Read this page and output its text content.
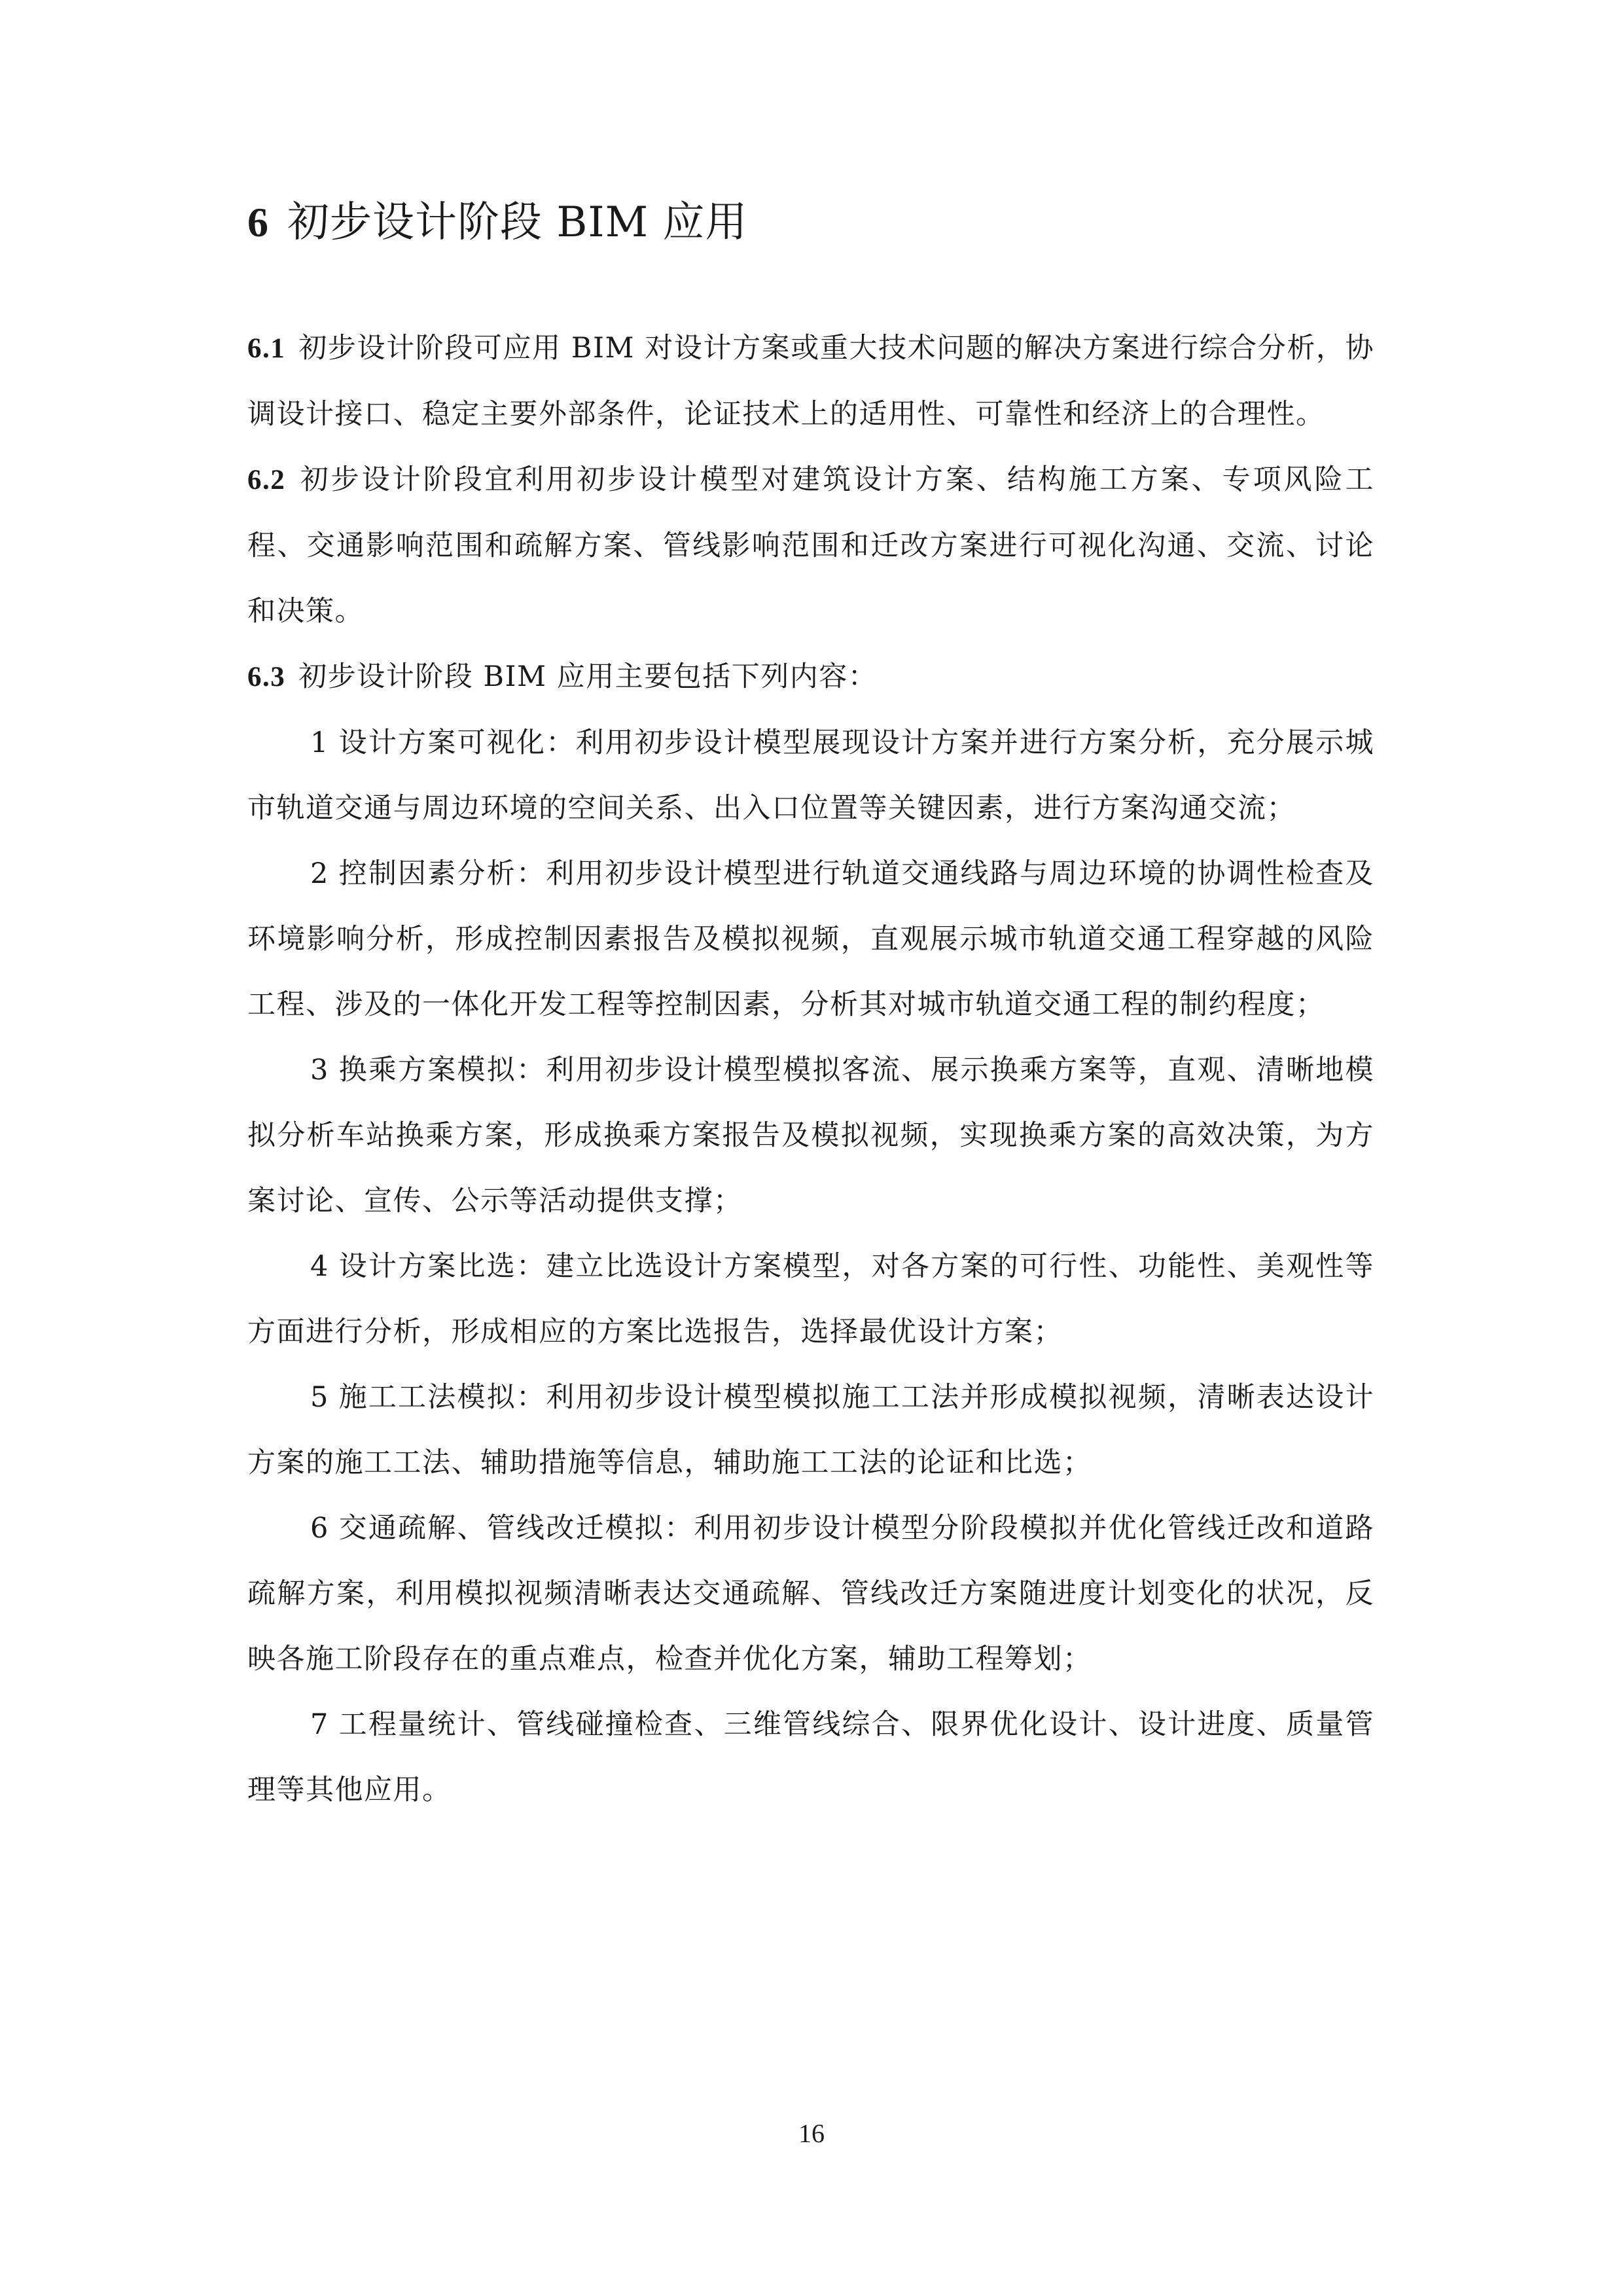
6 初步设计阶段 BIM 应用

6.1 初步设计阶段可应用 BIM 对设计方案或重大技术问题的解决方案进行综合分析，协调设计接口、稳定主要外部条件，论证技术上的适用性、可靠性和经济上的合理性。

6.2 初步设计阶段宜利用初步设计模型对建筑设计方案、结构施工方案、专项风险工程、交通影响范围和疏解方案、管线影响范围和迁改方案进行可视化沟通、交流、讨论和决策。

6.3 初步设计阶段 BIM 应用主要包括下列内容：

1 设计方案可视化：利用初步设计模型展现设计方案并进行方案分析，充分展示城市轨道交通与周边环境的空间关系、出入口位置等关键因素，进行方案沟通交流；

2 控制因素分析：利用初步设计模型进行轨道交通线路与周边环境的协调性检查及环境影响分析，形成控制因素报告及模拟视频，直观展示城市轨道交通工程穿越的风险工程、涉及的一体化开发工程等控制因素，分析其对城市轨道交通工程的制约程度；

3 换乘方案模拟：利用初步设计模型模拟客流、展示换乘方案等，直观、清晰地模拟分析车站换乘方案，形成换乘方案报告及模拟视频，实现换乘方案的高效决策，为方案讨论、宣传、公示等活动提供支撑；

4 设计方案比选：建立比选设计方案模型，对各方案的可行性、功能性、美观性等方面进行分析，形成相应的方案比选报告，选择最优设计方案；

5 施工工法模拟：利用初步设计模型模拟施工工法并形成模拟视频，清晰表达设计方案的施工工法、辅助措施等信息，辅助施工工法的论证和比选；

6 交通疏解、管线改迁模拟：利用初步设计模型分阶段模拟并优化管线迁改和道路疏解方案，利用模拟视频清晰表达交通疏解、管线改迁方案随进度计划变化的状况，反映各施工阶段存在的重点难点，检查并优化方案，辅助工程筹划；

7 工程量统计、管线碰撞检查、三维管线综合、限界优化设计、设计进度、质量管理等其他应用。

16
